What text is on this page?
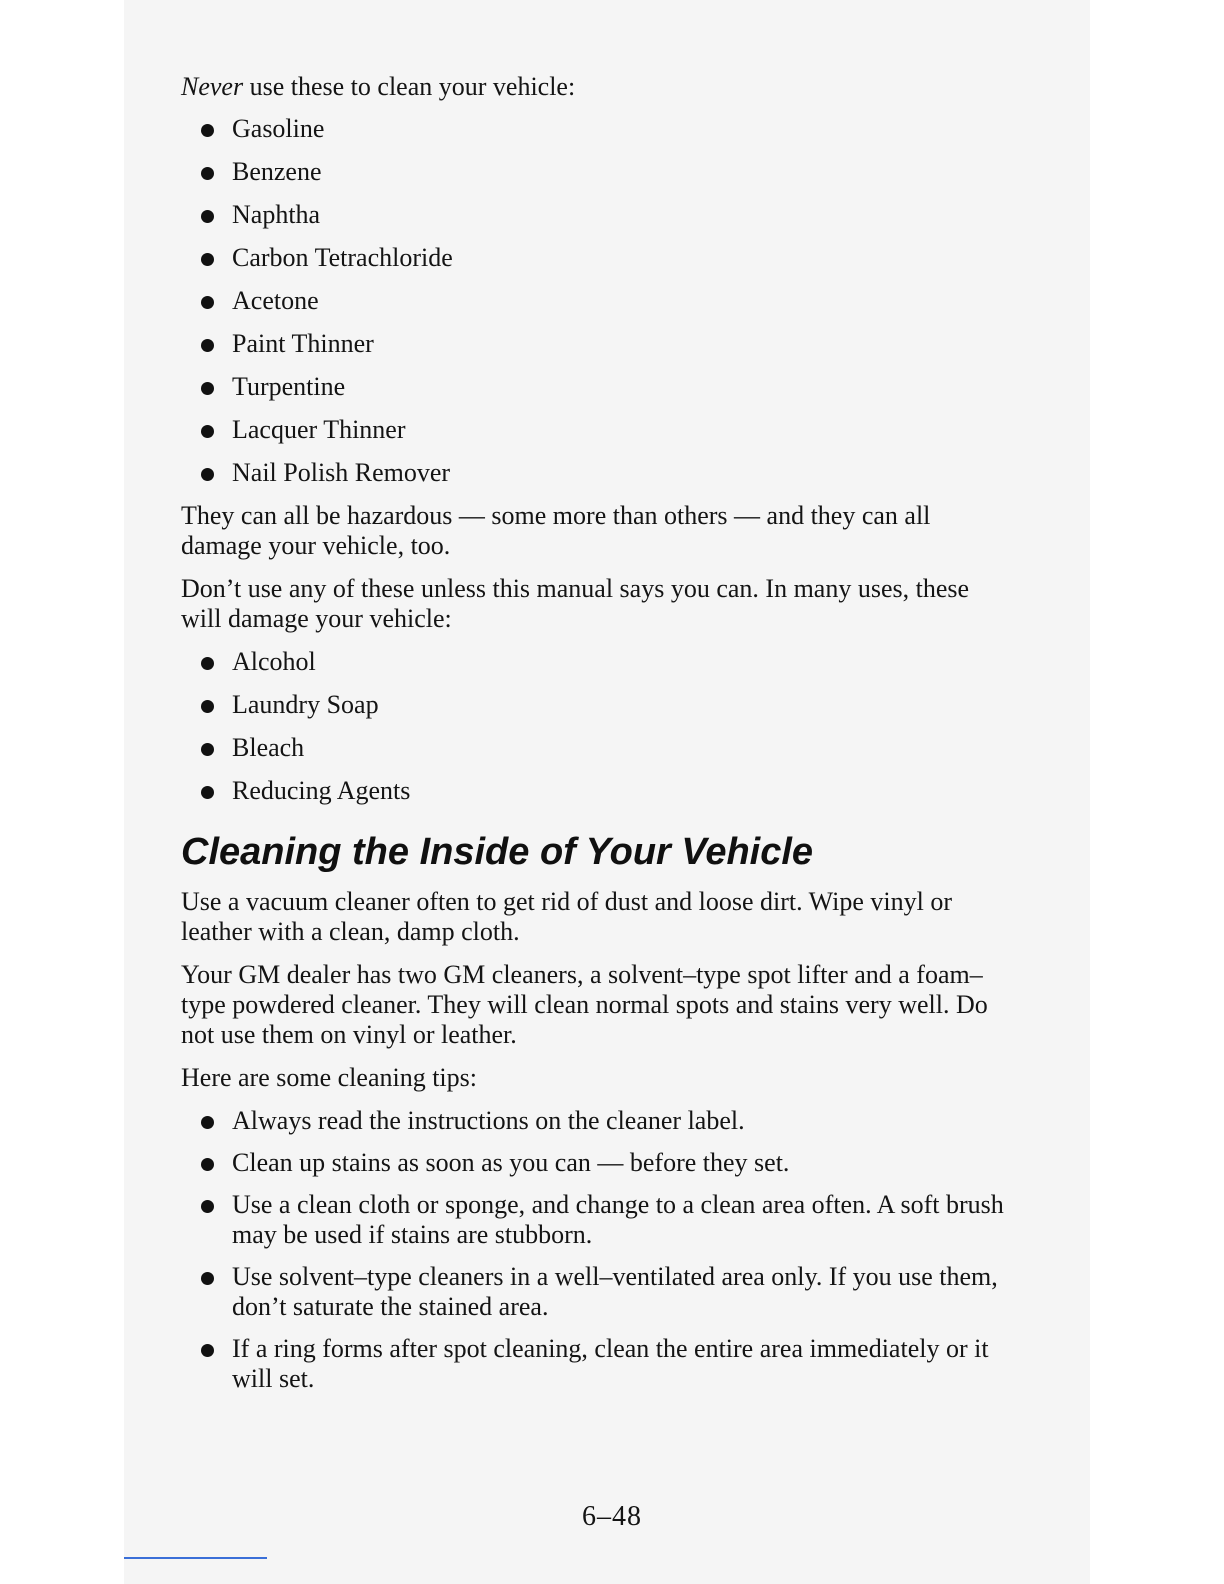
Never use these to clean your vehicle:

Gasoline
Benzene
Naphtha
Carbon Tetrachloride
Acetone
Paint Thinner
Turpentine
Lacquer Thinner
Nail Polish Remover

They can all be hazardous — some more than others — and they can all damage your vehicle, too.

Don’t use any of these unless this manual says you can. In many uses, these will damage your vehicle:

Alcohol
Laundry Soap
Bleach
Reducing Agents
Cleaning the Inside of Your Vehicle

Use a vacuum cleaner often to get rid of dust and loose dirt. Wipe vinyl or leather with a clean, damp cloth.

Your GM dealer has two GM cleaners, a solvent–type spot lifter and a foam–type powdered cleaner. They will clean normal spots and stains very well. Do not use them on vinyl or leather.

Here are some cleaning tips:

Always read the instructions on the cleaner label.
Clean up stains as soon as you can — before they set.
Use a clean cloth or sponge, and change to a clean area often. A soft brush may be used if stains are stubborn.
Use solvent–type cleaners in a well–ventilated area only. If you use them, don’t saturate the stained area.
If a ring forms after spot cleaning, clean the entire area immediately or it will set.
6–48
